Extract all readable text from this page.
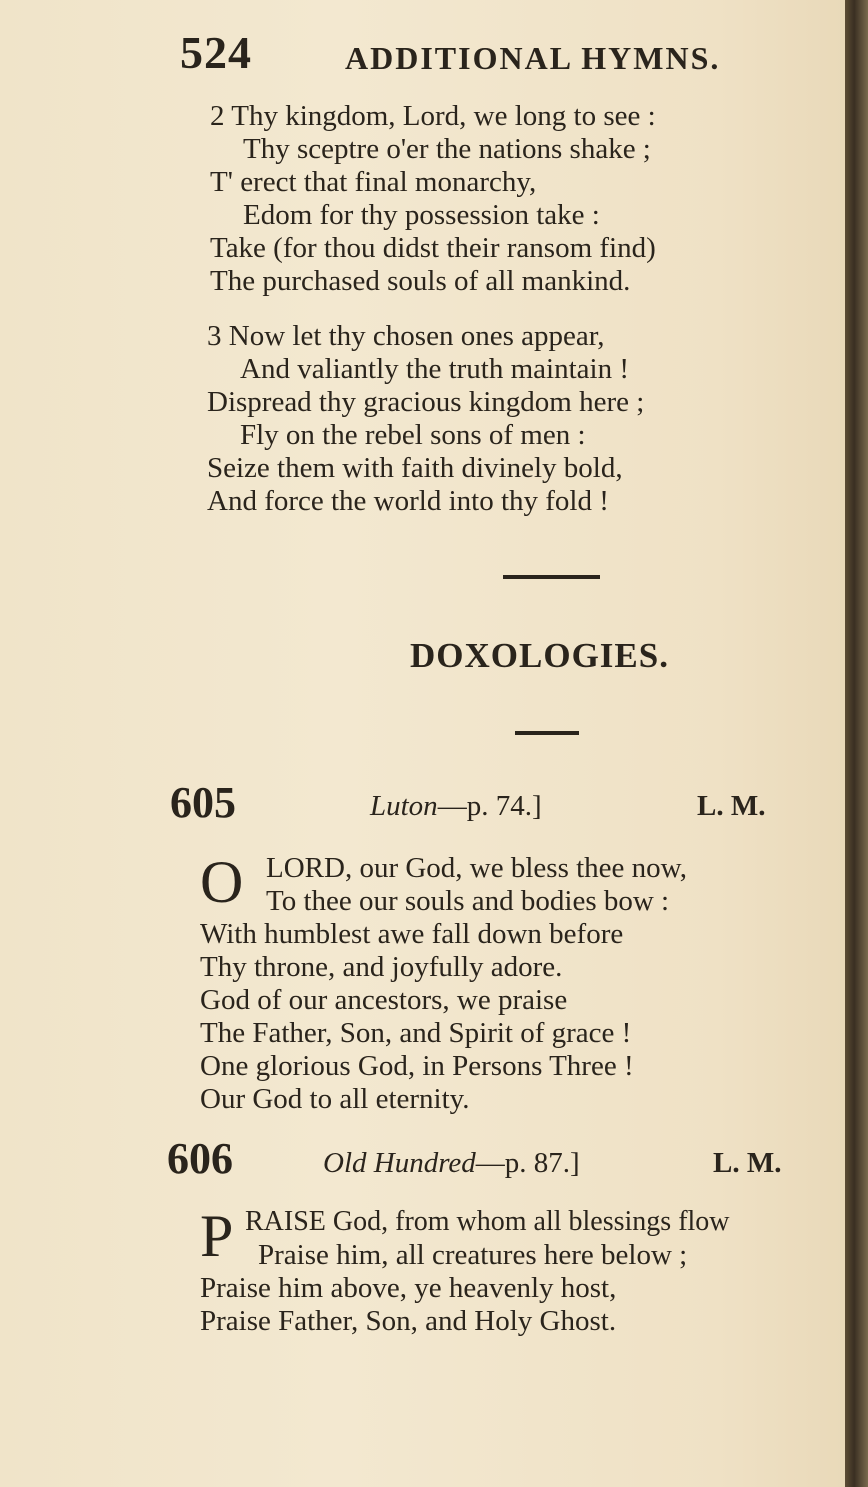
524	ADDITIONAL HYMNS.
2 Thy kingdom, Lord, we long to see :
Thy sceptre o'er the nations shake ;
T' erect that final monarchy,
Edom for thy possession take :
Take (for thou didst their ransom find)
The purchased souls of all mankind.
3 Now let thy chosen ones appear,
And valiantly the truth maintain !
Dispread thy gracious kingdom here ;
Fly on the rebel sons of men :
Seize them with faith divinely bold,
And force the world into thy fold !
DOXOLOGIES.
605	Luton—p. 74.]	L. M.
O LORD, our God, we bless thee now,
To thee our souls and bodies bow :
With humblest awe fall down before
Thy throne, and joyfully adore.
God of our ancestors, we praise
The Father, Son, and Spirit of grace !
One glorious God, in Persons Three !
Our God to all eternity.
606	Old Hundred—p. 87.]	L. M.
P RAISE God, from whom all blessings flow
Praise him, all creatures here below ;
Praise him above, ye heavenly host,
Praise Father, Son, and Holy Ghost.
